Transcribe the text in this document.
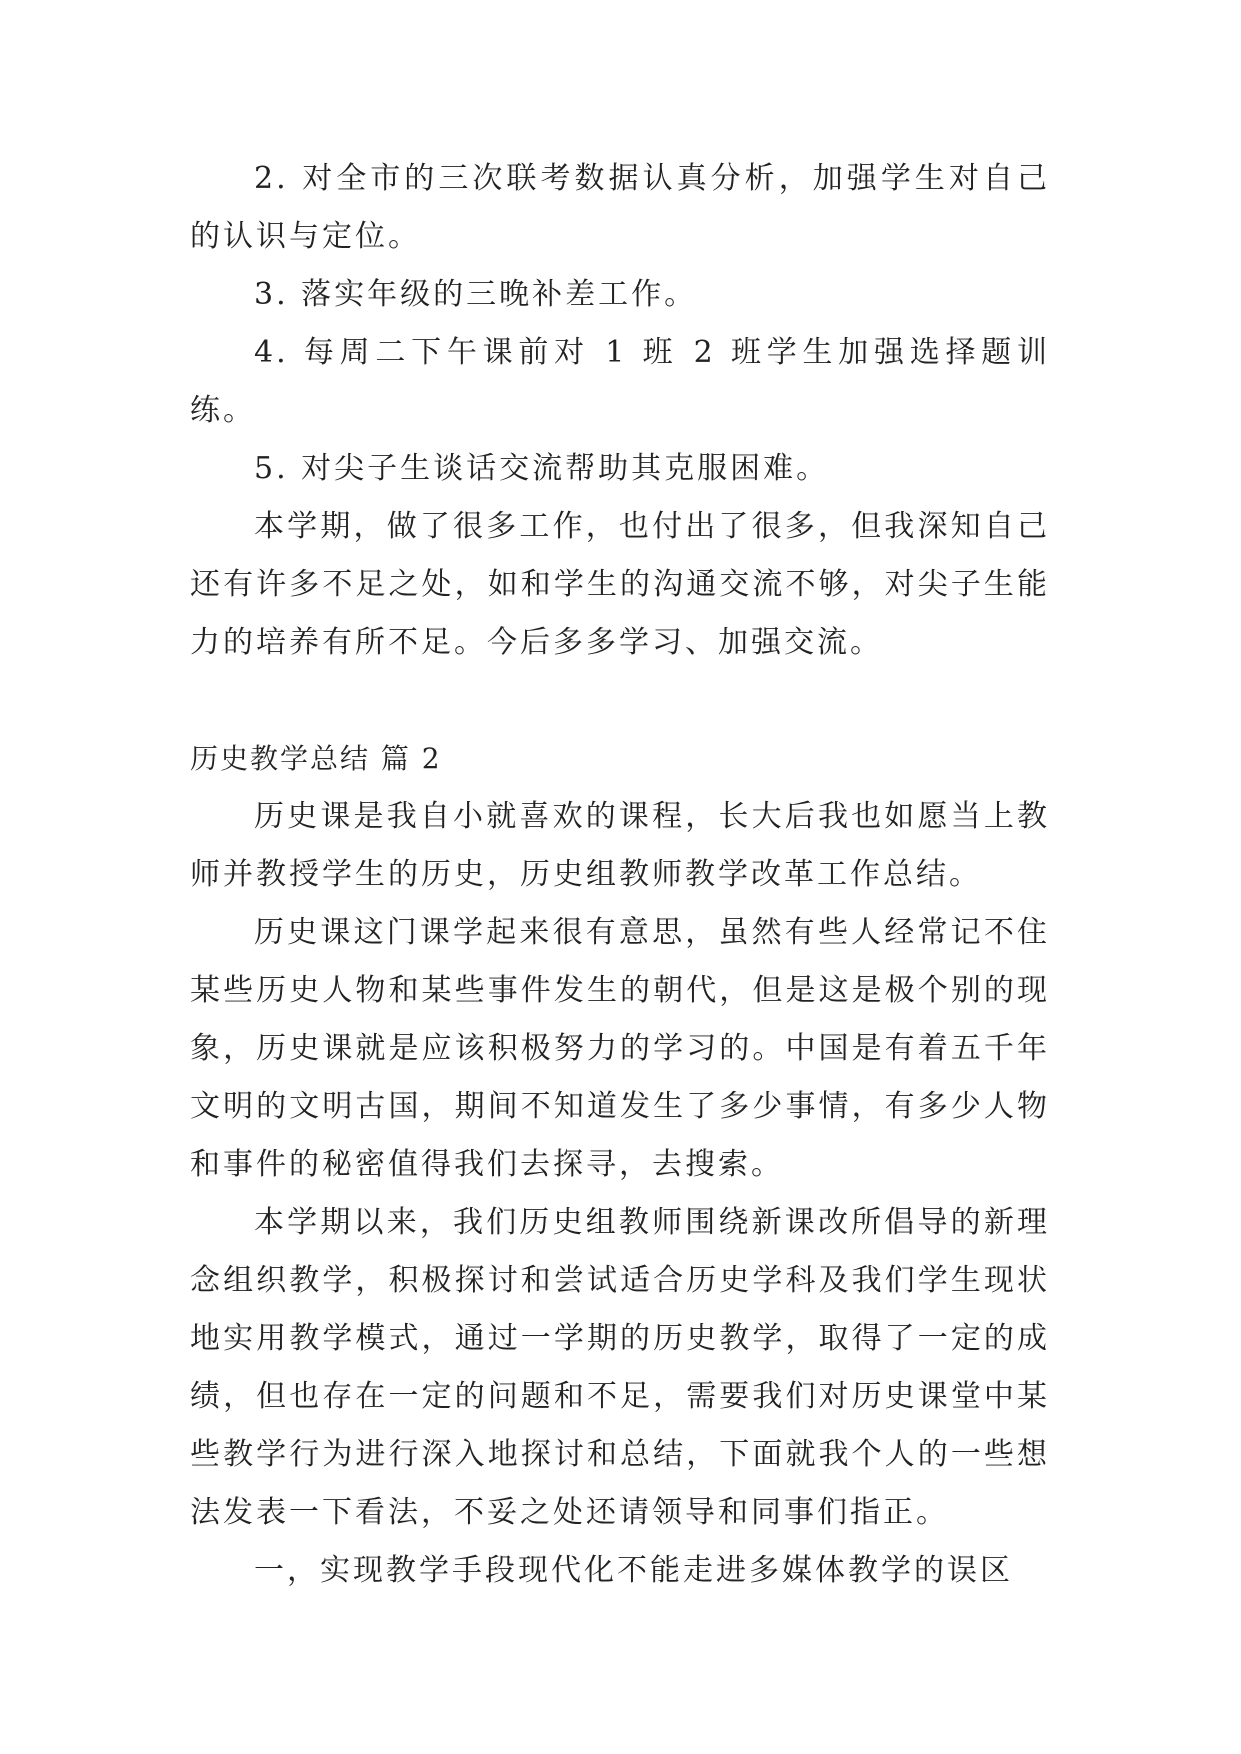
2. 对全市的三次联考数据认真分析，加强学生对自己的认识与定位。

3. 落实年级的三晚补差工作。

4. 每周二下午课前对 1 班 2 班学生加强选择题训练。

5. 对尖子生谈话交流帮助其克服困难。

本学期，做了很多工作，也付出了很多，但我深知自己还有许多不足之处，如和学生的沟通交流不够，对尖子生能力的培养有所不足。今后多多学习、加强交流。

历史教学总结 篇 2

历史课是我自小就喜欢的课程，长大后我也如愿当上教师并教授学生的历史，历史组教师教学改革工作总结。

历史课这门课学起来很有意思，虽然有些人经常记不住某些历史人物和某些事件发生的朝代，但是这是极个别的现象，历史课就是应该积极努力的学习的。中国是有着五千年文明的文明古国，期间不知道发生了多少事情，有多少人物和事件的秘密值得我们去探寻，去搜索。

本学期以来，我们历史组教师围绕新课改所倡导的新理念组织教学，积极探讨和尝试适合历史学科及我们学生现状地实用教学模式，通过一学期的历史教学，取得了一定的成绩，但也存在一定的问题和不足，需要我们对历史课堂中某些教学行为进行深入地探讨和总结，下面就我个人的一些想法发表一下看法，不妥之处还请领导和同事们指正。

一，实现教学手段现代化不能走进多媒体教学的误区
